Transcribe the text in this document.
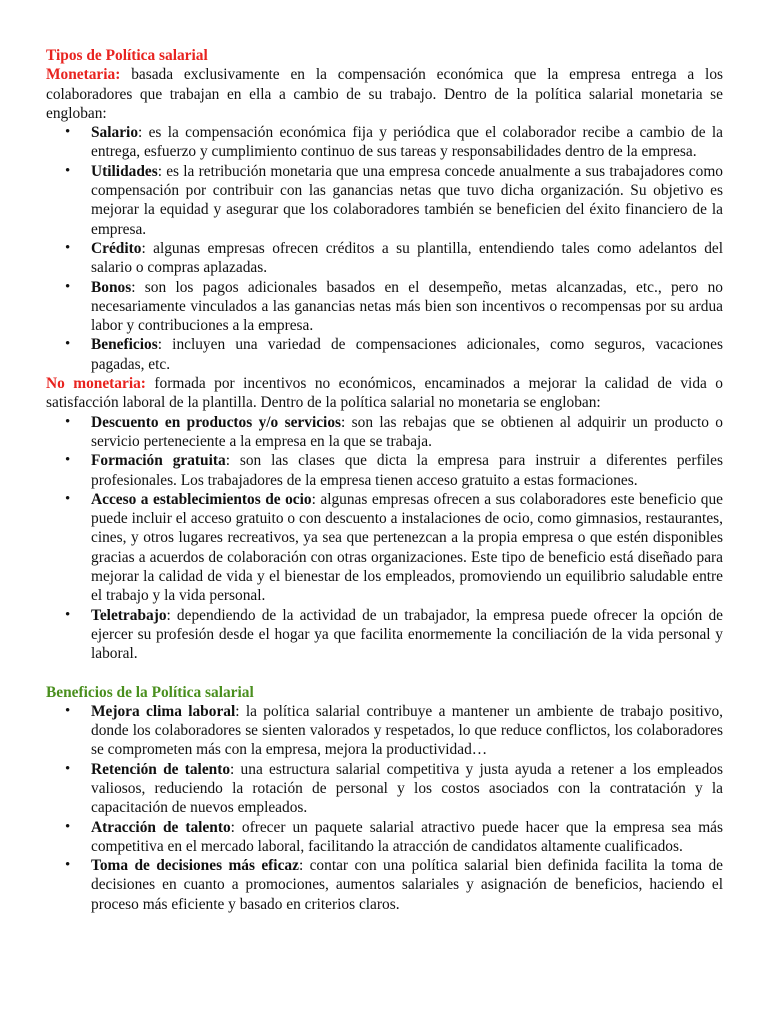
Tipos de Política salarial

Monetaria: basada exclusivamente en la compensación económica que la empresa entrega a los colaboradores que trabajan en ella a cambio de su trabajo. Dentro de la política salarial monetaria se engloban:

• Salario: es la compensación económica fija y periódica que el colaborador recibe a cambio de la entrega, esfuerzo y cumplimiento continuo de sus tareas y responsabilidades dentro de la empresa.
• Utilidades: es la retribución monetaria que una empresa concede anualmente a sus trabajadores como compensación por contribuir con las ganancias netas que tuvo dicha organización. Su objetivo es mejorar la equidad y asegurar que los colaboradores también se beneficien del éxito financiero de la empresa.
• Crédito: algunas empresas ofrecen créditos a su plantilla, entendiendo tales como adelantos del salario o compras aplazadas.
• Bonos: son los pagos adicionales basados en el desempeño, metas alcanzadas, etc., pero no necesariamente vinculados a las ganancias netas más bien son incentivos o recompensas por su ardua labor y contribuciones a la empresa.
• Beneficios: incluyen una variedad de compensaciones adicionales, como seguros, vacaciones pagadas, etc.

No monetaria: formada por incentivos no económicos, encaminados a mejorar la calidad de vida o satisfacción laboral de la plantilla. Dentro de la política salarial no monetaria se engloban:

• Descuento en productos y/o servicios: son las rebajas que se obtienen al adquirir un producto o servicio perteneciente a la empresa en la que se trabaja.
• Formación gratuita: son las clases que dicta la empresa para instruir a diferentes perfiles profesionales. Los trabajadores de la empresa tienen acceso gratuito a estas formaciones.
• Acceso a establecimientos de ocio: algunas empresas ofrecen a sus colaboradores este beneficio que puede incluir el acceso gratuito o con descuento a instalaciones de ocio, como gimnasios, restaurantes, cines, y otros lugares recreativos, ya sea que pertenezcan a la propia empresa o que estén disponibles gracias a acuerdos de colaboración con otras organizaciones. Este tipo de beneficio está diseñado para mejorar la calidad de vida y el bienestar de los empleados, promoviendo un equilibrio saludable entre el trabajo y la vida personal.
• Teletrabajo: dependiendo de la actividad de un trabajador, la empresa puede ofrecer la opción de ejercer su profesión desde el hogar ya que facilita enormemente la conciliación de la vida personal y laboral.
Beneficios de la Política salarial
• Mejora clima laboral: la política salarial contribuye a mantener un ambiente de trabajo positivo, donde los colaboradores se sienten valorados y respetados, lo que reduce conflictos, los colaboradores se comprometen más con la empresa, mejora la productividad…
• Retención de talento: una estructura salarial competitiva y justa ayuda a retener a los empleados valiosos, reduciendo la rotación de personal y los costos asociados con la contratación y la capacitación de nuevos empleados.
• Atracción de talento: ofrecer un paquete salarial atractivo puede hacer que la empresa sea más competitiva en el mercado laboral, facilitando la atracción de candidatos altamente cualificados.
• Toma de decisiones más eficaz: contar con una política salarial bien definida facilita la toma de decisiones en cuanto a promociones, aumentos salariales y asignación de beneficios, haciendo el proceso más eficiente y basado en criterios claros.
